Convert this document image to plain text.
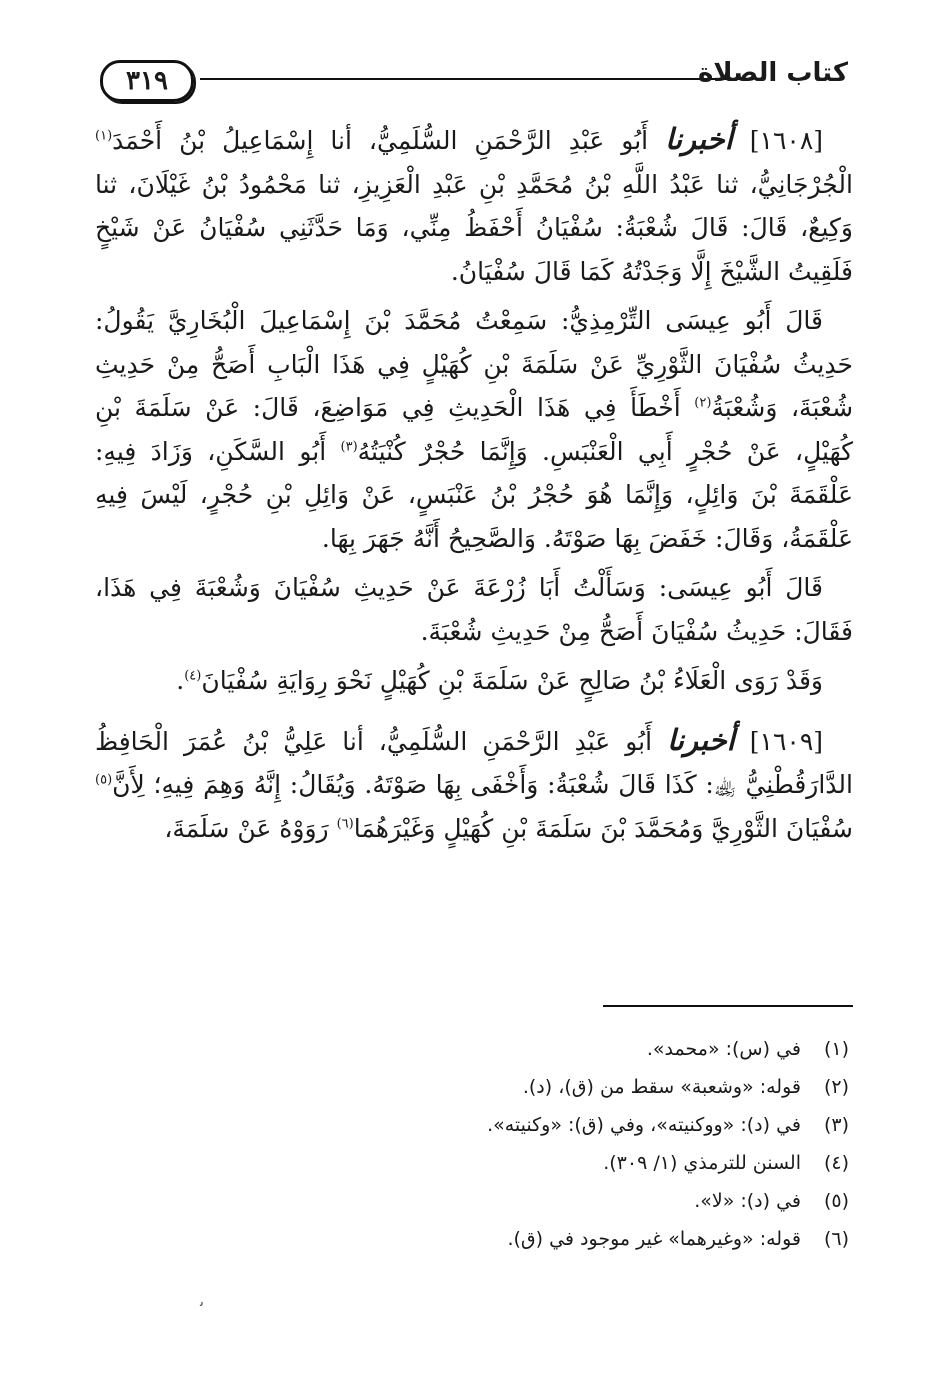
٣١٩	كتاب الصلاة

[١٦٠٨] أخبرنا أَبُو عَبْدِ الرَّحْمَنِ السُّلَمِيُّ، أنا إِسْمَاعِيلُ بْنُ أَحْمَدَ$^{(١)}$ الْجُرْجَانِيُّ، ثنا عَبْدُ اللَّهِ بْنُ مُحَمَّدِ بْنِ عَبْدِ الْعَزِيزِ، ثنا مَحْمُودُ بْنُ غَيْلَانَ، ثنا وَكِيعٌ، قَالَ: قَالَ شُعْبَةُ: سُفْيَانُ أَحْفَظُ مِنِّي، وَمَا حَدَّثَنِي سُفْيَانُ عَنْ شَيْخٍ فَلَقِيتُ الشَّيْخَ إِلَّا وَجَدْتُهُ كَمَا قَالَ سُفْيَانُ.

قَالَ أَبُو عِيسَى التِّرْمِذِيُّ: سَمِعْتُ مُحَمَّدَ بْنَ إِسْمَاعِيلَ الْبُخَارِيَّ يَقُولُ: حَدِيثُ سُفْيَانَ الثَّوْرِيِّ عَنْ سَلَمَةَ بْنِ كُهَيْلٍ فِي هَذَا الْبَابِ أَصَحُّ مِنْ حَدِيثِ شُعْبَةَ، وَشُعْبَةُ$^{(٢)}$ أَخْطَأَ فِي هَذَا الْحَدِيثِ فِي مَوَاضِعَ، قَالَ: عَنْ سَلَمَةَ بْنِ كُهَيْلٍ، عَنْ حُجْرٍ أَبِي الْعَنْبَسِ. وَإِنَّمَا حُجْرٌ كُنْيَتُهُ$^{(٣)}$ أَبُو السَّكَنِ، وَزَادَ فِيهِ: عَلْقَمَةَ بْنَ وَائِلٍ، وَإِنَّمَا هُوَ حُجْرُ بْنُ عَنْبَسٍ، عَنْ وَائِلِ بْنِ حُجْرٍ، لَيْسَ فِيهِ عَلْقَمَةُ، وَقَالَ: خَفَضَ بِهَا صَوْتَهُ. وَالصَّحِيحُ أَنَّهُ جَهَرَ بِهَا.

قَالَ أَبُو عِيسَى: وَسَأَلْتُ أَبَا زُرْعَةَ عَنْ حَدِيثِ سُفْيَانَ وَشُعْبَةَ فِي هَذَا، فَقَالَ: حَدِيثُ سُفْيَانَ أَصَحُّ مِنْ حَدِيثِ شُعْبَةَ.

وَقَدْ رَوَى الْعَلَاءُ بْنُ صَالِحٍ عَنْ سَلَمَةَ بْنِ كُهَيْلٍ نَحْوَ رِوَايَةِ سُفْيَانَ$^{(٤)}$.

[١٦٠٩] أخبرنا أَبُو عَبْدِ الرَّحْمَنِ السُّلَمِيُّ، أنا عَلِيُّ بْنُ عُمَرَ الْحَافِظُ الدَّارَقُطْنِيُّ ﵀: كَذَا قَالَ شُعْبَةُ: وَأَخْفَى بِهَا صَوْتَهُ. وَيُقَالُ: إِنَّهُ وَهِمَ فِيهِ؛ لِأَنَّ$^{(٥)}$ سُفْيَانَ الثَّوْرِيَّ وَمُحَمَّدَ بْنَ سَلَمَةَ بْنِ كُهَيْلٍ وَغَيْرَهُمَا$^{(٦)}$ رَوَوْهُ عَنْ سَلَمَةَ،

(١)في (س): «محمد».
(٢)قوله: «وشعبة» سقط من (ق)، (د).
(٣)في (د): «ووكنيته»، وفي (ق): «وكنيته».
(٤)السنن للترمذي (١/ ٣٠٩).
(٥)في (د): «لا».
(٦)قوله: «وغيرهما» غير موجود في (ق).
ﯨ
